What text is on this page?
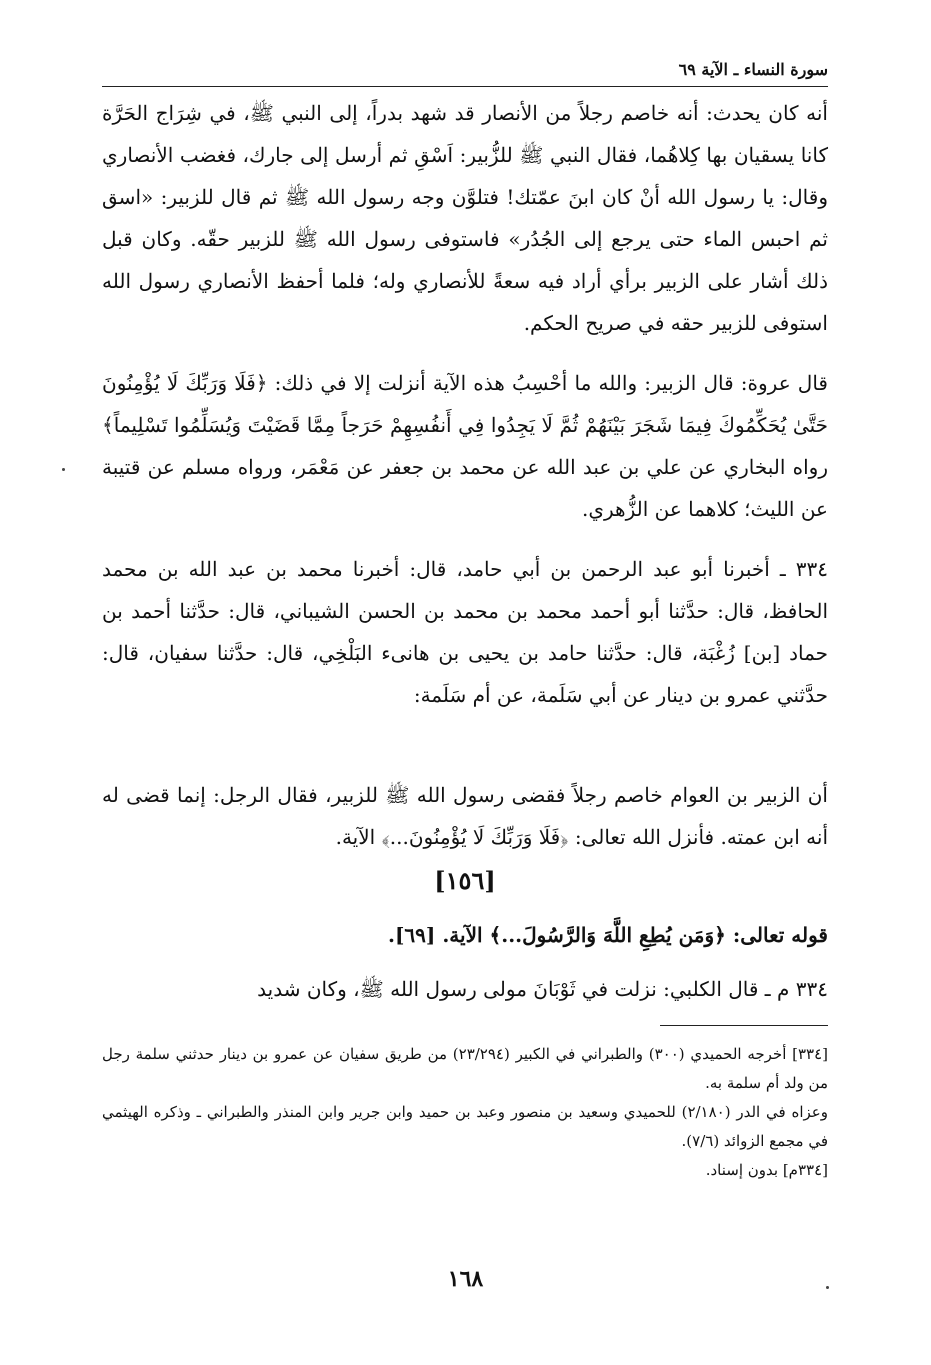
سورة النساء ـ الآية ٦٩

أنه كان يحدث: أنه خاصم رجلاً من الأنصار قد شهد بدراً، إلى النبي ﷺ، في شِرَاج الحَرَّة كانا يسقيان بها كِلاهُما، فقال النبي ﷺ للزُّبير: اَسْقِ ثم أرسل إلى جارك، فغضب الأنصاري وقال: يا رسول الله أنْ كان ابنَ عمّتك! فتلوَّن وجه رسول الله ﷺ ثم قال للزبير: «اسق ثم احبس الماء حتى يرجع إلى الجُدُر» فاستوفى رسول الله ﷺ للزبير حقّه. وكان قبل ذلك أشار على الزبير برأي أراد فيه سعةً للأنصاري وله؛ فلما أحفظ الأنصاري رسول الله استوفى للزبير حقه في صريح الحكم.

قال عروة: قال الزبير: والله ما أحْسِبُ هذه الآية أنزلت إلا في ذلك: ﴿فَلَا وَرَبِّكَ لَا يُؤْمِنُونَ حَتَّىٰ يُحَكِّمُوكَ فِيمَا شَجَرَ بَيْنَهُمْ ثُمَّ لَا يَجِدُوا فِي أَنفُسِهِمْ حَرَجاً مِمَّا قَضَيْتَ وَيُسَلِّمُوا تَسْلِيماً﴾ رواه البخاري عن علي بن عبد الله عن محمد بن جعفر عن مَعْمَر، ورواه مسلم عن قتيبة عن الليث؛ كلاهما عن الزُّهري.

٣٣٤ ـ أخبرنا أبو عبد الرحمن بن أبي حامد، قال: أخبرنا محمد بن عبد الله بن محمد الحافظ، قال: حدَّثنا أبو أحمد محمد بن محمد بن الحسن الشيباني، قال: حدَّثنا أحمد بن حماد [بن] زُغْبَة، قال: حدَّثنا حامد بن يحيى بن هانىء البَلْخِي، قال: حدَّثنا سفيان، قال: حدَّثني عمرو بن دينار عن أبي سَلَمة، عن أم سَلَمة:

أن الزبير بن العوام خاصم رجلاً فقضى رسول الله ﷺ للزبير، فقال الرجل: إنما قضى له أنه ابن عمته. فأنزل الله تعالى: ﴿فَلَا وَرَبِّكَ لَا يُؤْمِنُونَ...﴾ الآية.

[١٥٦]

قوله تعالى: ﴿وَمَن يُطِعِ اللَّهَ وَالرَّسُولَ...﴾ الآية. [٦٩].

٣٣٤ م ـ قال الكلبي: نزلت في ثَوْبَانَ مولى رسول الله ﷺ، وكان شديد

[٣٣٤] أخرجه الحميدي (٣٠٠) والطبراني في الكبير (٢٣/٢٩٤) من طريق سفيان عن عمرو بن دينار حدثني سلمة رجل من ولد أم سلمة به.

وعزاه في الدر (٢/١٨٠) للحميدي وسعيد بن منصور وعبد بن حميد وابن جرير وابن المنذر والطبراني ـ وذكره الهيثمي في مجمع الزوائد (٧/٦).

[٣٣٤م] بدون إسناد.

١٦٨
